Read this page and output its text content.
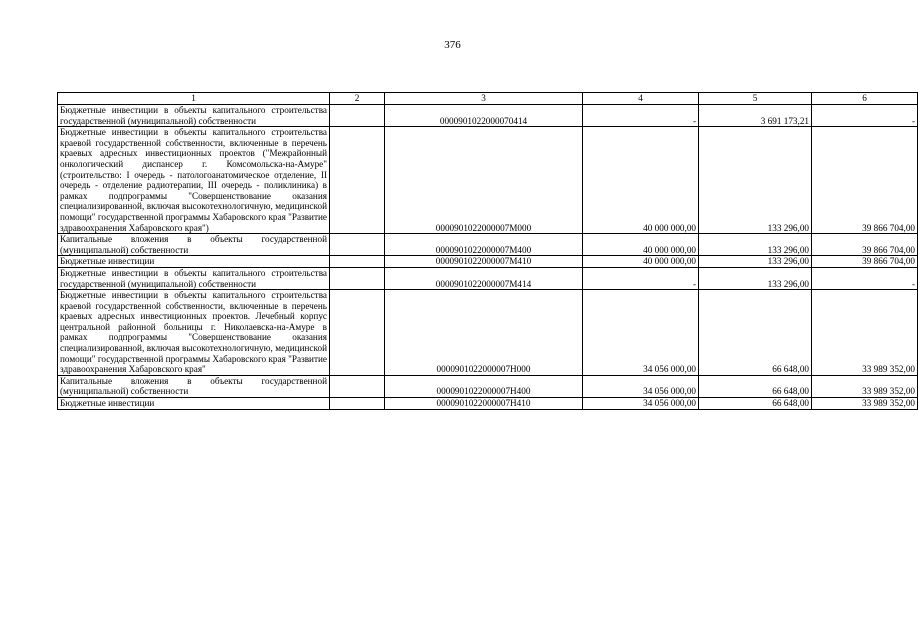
376
1	2	3	4	5	6
Бюджетные инвестиции в объекты капитального строительства государственной (муниципальной) собственности		0000901022000070414	-	3 691 173,21	-
Бюджетные инвестиции в объекты капитального строительства краевой государственной собственности, включенные в перечень краевых адресных инвестиционных проектов ("Межрайонный онкологический диспансер г. Комсомольска-на-Амуре" (строительство: I очередь - патологоанатомическое отделение, II очередь - отделение радиотерапии, III очередь - поликлиника) в рамках подпрограммы "Совершенствование оказания специализированной, включая высокотехнологичную, медицинской помощи" государственной программы Хабаровского края "Развитие здравоохранения Хабаровского края")		0000901022000007М000	40 000 000,00	133 296,00	39 866 704,00
Капитальные вложения в объекты государственной (муниципальной) собственности		0000901022000007М400	40 000 000,00	133 296,00	39 866 704,00
Бюджетные инвестиции		0000901022000007М410	40 000 000,00	133 296,00	39 866 704,00
Бюджетные инвестиции в объекты капитального строительства государственной (муниципальной) собственности		0000901022000007М414	-	133 296,00	-
Бюджетные инвестиции в объекты капитального строительства краевой государственной собственности, включенные в перечень краевых адресных инвестиционных проектов. Лечебный корпус центральной районной больницы г. Николаевска-на-Амуре в рамках подпрограммы "Совершенствование оказания специализированной, включая высокотехнологичную, медицинской помощи" государственной программы Хабаровского края "Развитие здравоохранения Хабаровского края"		0000901022000007Н000	34 056 000,00	66 648,00	33 989 352,00
Капитальные вложения в объекты государственной (муниципальной) собственности		0000901022000007Н400	34 056 000,00	66 648,00	33 989 352,00
Бюджетные инвестиции		0000901022000007Н410	34 056 000,00	66 648,00	33 989 352,00
